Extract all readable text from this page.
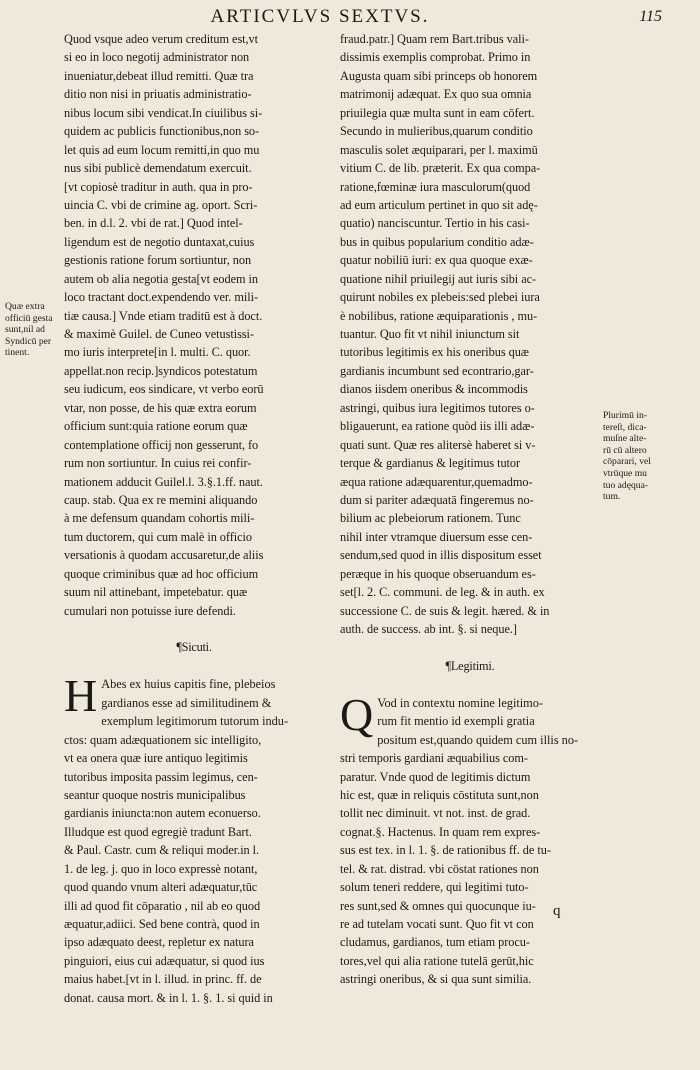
ARTICVLVS SEXTVS.	115
Quod vsque adeo verum creditum est,vt
si eo in loco negotij administrator non
inueniatur,debeat illud remitti. Quæ tra
ditio non nisi in priuatis administratio-
nibus locum sibi vendicat.In ciuilibus si-
quidem ac publicis functionibus,non so-
let quis ad eum locum remitti,in quo mu
nus sibi publicè demendatum exercuit.
[vt copiosè traditur in auth. qua in pro-
uincia C. vbi de crimine ag. oport. Scri-
ben. in d.l. 2. vbi de rat.] Quod intel-
ligendum est de negotio duntaxat,cuius
gestionis ratione forum sortiuntur, non
autem ob alia negotia gesta[vt eodem in
loco tractant doct.expendendo ver. mili-
tiæ causa.] Vnde etiam traditū est à doct.
& maximè Guilel. de Cuneo vetustissi-
mo iuris interprete[in l. multi. C. quor.
appellat.non recip.]syndicos potestatum
seu iudicum, eos sindicare, vt verbo eorū
vtar, non posse, de his quæ extra eorum
officium sunt:quia ratione eorum quæ
contemplatione officij non gesserunt, fo
rum non sortiuntur. In cuius rei confir-
mationem adducit Guilel.l. 3.§.1.ff. naut.
caup. stab. Qua ex re memini aliquando
à me defensum quandam cohortis mili-
tum ductorem, qui cum malè in officio
versationis à quodam accusaretur,de aliis
quoque criminibus quæ ad hoc officium
suum nil attinebant, impetebatur. quæ
cumulari non potuisse iure defendi.
¶Sicuti.
H Abes ex huius capitis fine, plebeios
gardianos esse ad similitudinem &
exemplum legitimorum tutorum indu-
ctos: quam adæquationem sic intelligito,
vt ea onera quæ iure antiquo legitimis
tutoribus imposita passim legimus, cen-
seantur quoque nostris municipalibus
gardianis iniuncta:non autem econuerso.
Illudque est quod egregiè tradunt Bart.
& Paul. Castr. cum & reliqui moder.in l.
1. de leg. j. quo in loco expressè notant,
quod quando vnum alteri adæquatur,tūc
illi ad quod fit cōparatio , nil ab eo quod
æquatur,adiici. Sed bene contrà, quod in
ipso adæquato deest, repletur ex natura
pinguiori, eius cui adæquatur, si quod ius
maius habet.[vt in l. illud. in princ. ff. de
donat. causa mort. & in l. 1. §. 1. si quid in
fraud.patr.] Quam rem Bart.tribus vali-
dissimis exemplis comprobat. Primo in
Augusta quam sibi princeps ob honorem
matrimonij adæquat. Ex quo sua omnia
priuilegia quæ multa sunt in eam cōfert.
Secundo in mulieribus,quarum conditio
masculis solet æquiparari, per l. maximū
vitium C. de lib. præterit. Ex qua compa-
ratione,fœminæ iura masculorum(quod
ad eum articulum pertinet in quo sit adę-
quatio) nanciscuntur. Tertio in his casi-
bus in quibus popularium conditio adæ-
quatur nobiliū iuri: ex qua quoque exæ-
quatione nihil priuilegij aut iuris sibi ac-
quirunt nobiles ex plebeis:sed plebei iura
è nobilibus, ratione æquiparationis , mu-
tuantur. Quo fit vt nihil iniunctum sit
tutoribus legitimis ex his oneribus quæ
gardianis incumbunt sed econtrario,gar-
dianos iisdem oneribus & incommodis
astringi, quibus iura legitimos tutores o-
bligauerunt, ea ratione quòd iis illi adæ-
quati sunt. Quæ res alitersè haberet si v-
terque & gardianus & legitimus tutor
æqua ratione adæquarentur,quemadmo-
dum si pariter adæquatā fingeremus no-
bilium ac plebeiorum rationem. Tunc
nihil inter vtramque diuersum esse cen-
sendum,sed quod in illis dispositum esset
peræque in his quoque obseruandum es-
set[l. 2. C. communi. de leg. & in auth. ex
successione C. de suis & legit. hæred. & in
auth. de success. ab int. §. si neque.]
¶Legitimi.
Q Vod in contextu nomine legitimo-
rum fit mentio id exempli gratia
positum est,quando quidem cum illis no-
stri temporis gardiani æquabilius com-
paratur. Vnde quod de legitimis dictum
hic est, quæ in reliquis cōstituta sunt,non
tollit nec diminuit. vt not. inst. de grad.
cognat.§. Hactenus. In quam rem expres-
sus est tex. in l. 1. §. de rationibus ff. de tu-
tel. & rat. distrad. vbi cōstat rationes non
solum teneri reddere, qui legitimi tuto-
res sunt,sed & omnes qui quocunque iu-
re ad tutelam vocati sunt. Quo fit vt con
cludamus, gardianos, tum etiam procu-
tores,vel qui alia ratione tutelā gerūt,hic
astringi oneribus, & si qua sunt similia.
Quæ extra
officiū gesta
sunt,nil ad
Syndicū per
tinent.
Plurimū in-
tereſt, dica-
muſne alte-
rū cū altero
cōparari, vel
vtrūque mu
tuo adęqua-
tum.
q
